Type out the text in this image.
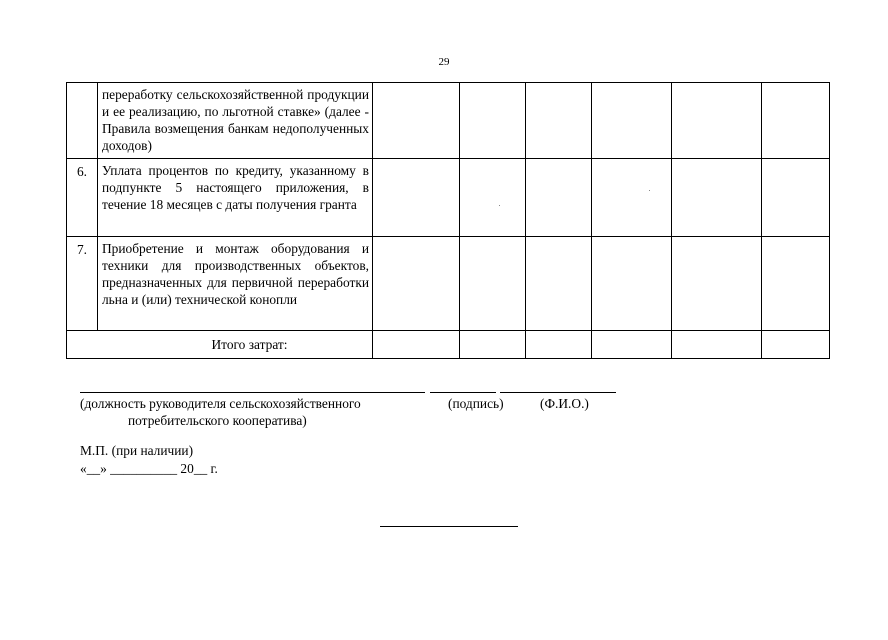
29
	переработку сельскохозяйственной продукции и ее реализацию, по льготной ставке» (далее - Правила возмещения банкам недополученных доходов)						
6.	Уплата процентов по кредиту, указанному в подпункте 5 настоящего приложения, в течение 18 месяцев с даты получения гранта						
7.	Приобретение и монтаж оборудования и техники для производственных объектов, предназначенных для первичной переработки льна и (или) технической конопли						
Итого затрат:							
(должность руководителя сельскохозяйственного
потребительского кооператива)
(подпись)	(Ф.И.О.)
М.П. (при наличии)
«__» __________ 20__ г.
